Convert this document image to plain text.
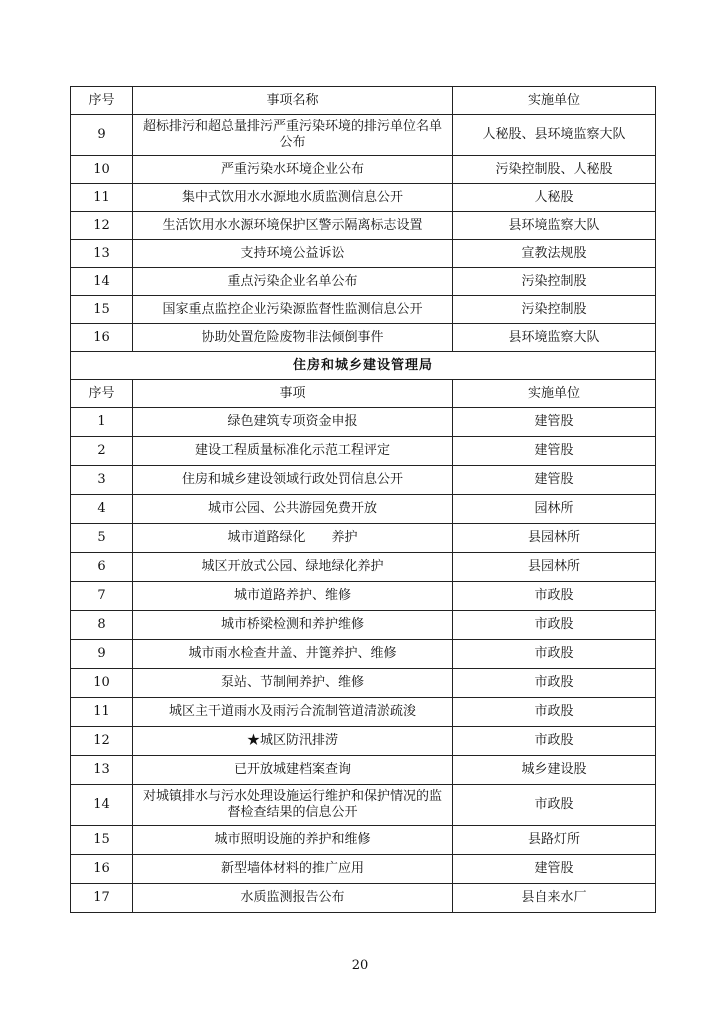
序号	事项名称	实施单位
9	超标排污和超总量排污严重污染环境的排污单位名单公布	人秘股、县环境监察大队
10	严重污染水环境企业公布	污染控制股、人秘股
11	集中式饮用水水源地水质监测信息公开	人秘股
12	生活饮用水水源环境保护区警示隔离标志设置	县环境监察大队
13	支持环境公益诉讼	宣教法规股
14	重点污染企业名单公布	污染控制股
15	国家重点监控企业污染源监督性监测信息公开	污染控制股
16	协助处置危险废物非法倾倒事件	县环境监察大队
住房和城乡建设管理局		
序号	事项	实施单位
1	绿色建筑专项资金申报	建管股
2	建设工程质量标准化示范工程评定	建管股
3	住房和城乡建设领域行政处罚信息公开	建管股
4	城市公园、公共游园免费开放	园林所
5	城市道路绿化　　养护	县园林所
6	城区开放式公园、绿地绿化养护	县园林所
7	城市道路养护、维修	市政股
8	城市桥梁检测和养护维修	市政股
9	城市雨水检查井盖、井篦养护、维修	市政股
10	泵站、节制闸养护、维修	市政股
11	城区主干道雨水及雨污合流制管道清淤疏浚	市政股
12	★城区防汛排涝	市政股
13	已开放城建档案查询	城乡建设股
14	对城镇排水与污水处理设施运行维护和保护情况的监督检查结果的信息公开	市政股
15	城市照明设施的养护和维修	县路灯所
16	新型墙体材料的推广应用	建管股
17	水质监测报告公布	县自来水厂
20
